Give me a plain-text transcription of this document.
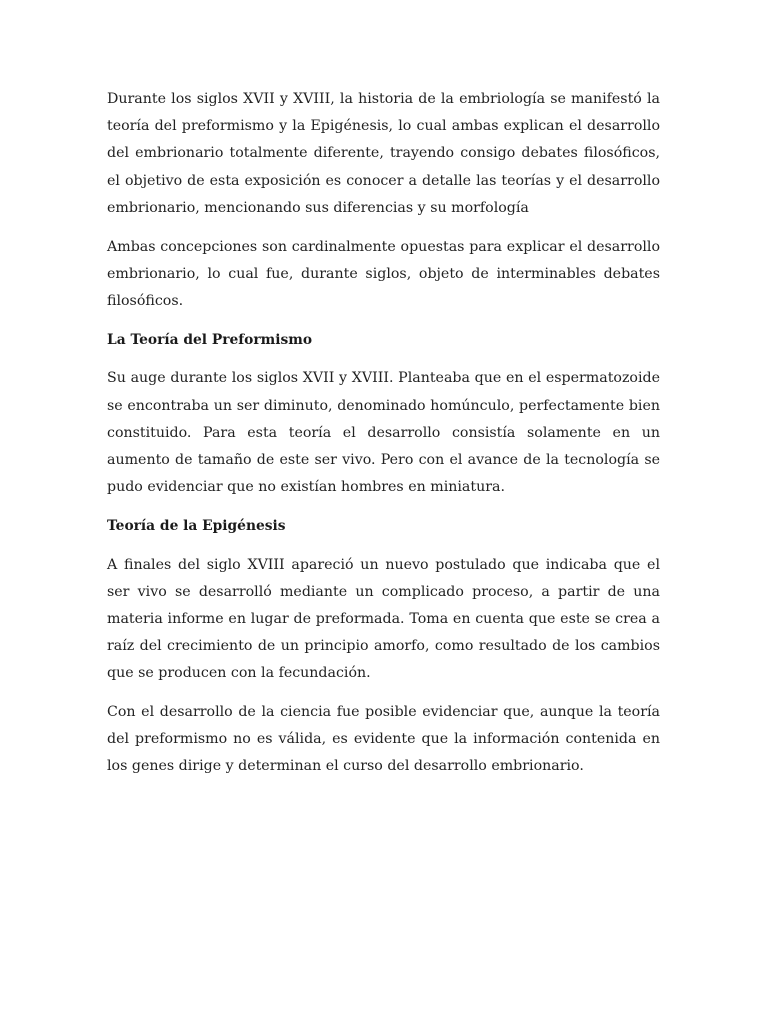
Durante los siglos XVII y XVIII, la historia de la embriología se manifestó la teoría del preformismo y la Epigénesis, lo cual ambas explican el desarrollo del embrionario totalmente diferente, trayendo consigo debates filosóficos, el objetivo de esta exposición es conocer a detalle las teorías y el desarrollo embrionario, mencionando sus diferencias y su morfología

Ambas concepciones son cardinalmente opuestas para explicar el desarrollo embrionario, lo cual fue, durante siglos, objeto de interminables debates filosóficos.

La Teoría del Preformismo

Su auge durante los siglos XVII y XVIII. Planteaba que en el espermatozoide se encontraba un ser diminuto, denominado homúnculo, perfectamente bien constituido. Para esta teoría el desarrollo consistía solamente en un aumento de tamaño de este ser vivo. Pero con el avance de la tecnología se pudo evidenciar que no existían hombres en miniatura.

Teoría de la Epigénesis

A finales del siglo XVIII apareció un nuevo postulado que indicaba que el ser vivo se desarrolló mediante un complicado proceso, a partir de una materia informe en lugar de preformada. Toma en cuenta que este se crea a raíz del crecimiento de un principio amorfo, como resultado de los cambios que se producen con la fecundación.

Con el desarrollo de la ciencia fue posible evidenciar que, aunque la teoría del preformismo no es válida, es evidente que la información contenida en los genes dirige y determinan el curso del desarrollo embrionario.
